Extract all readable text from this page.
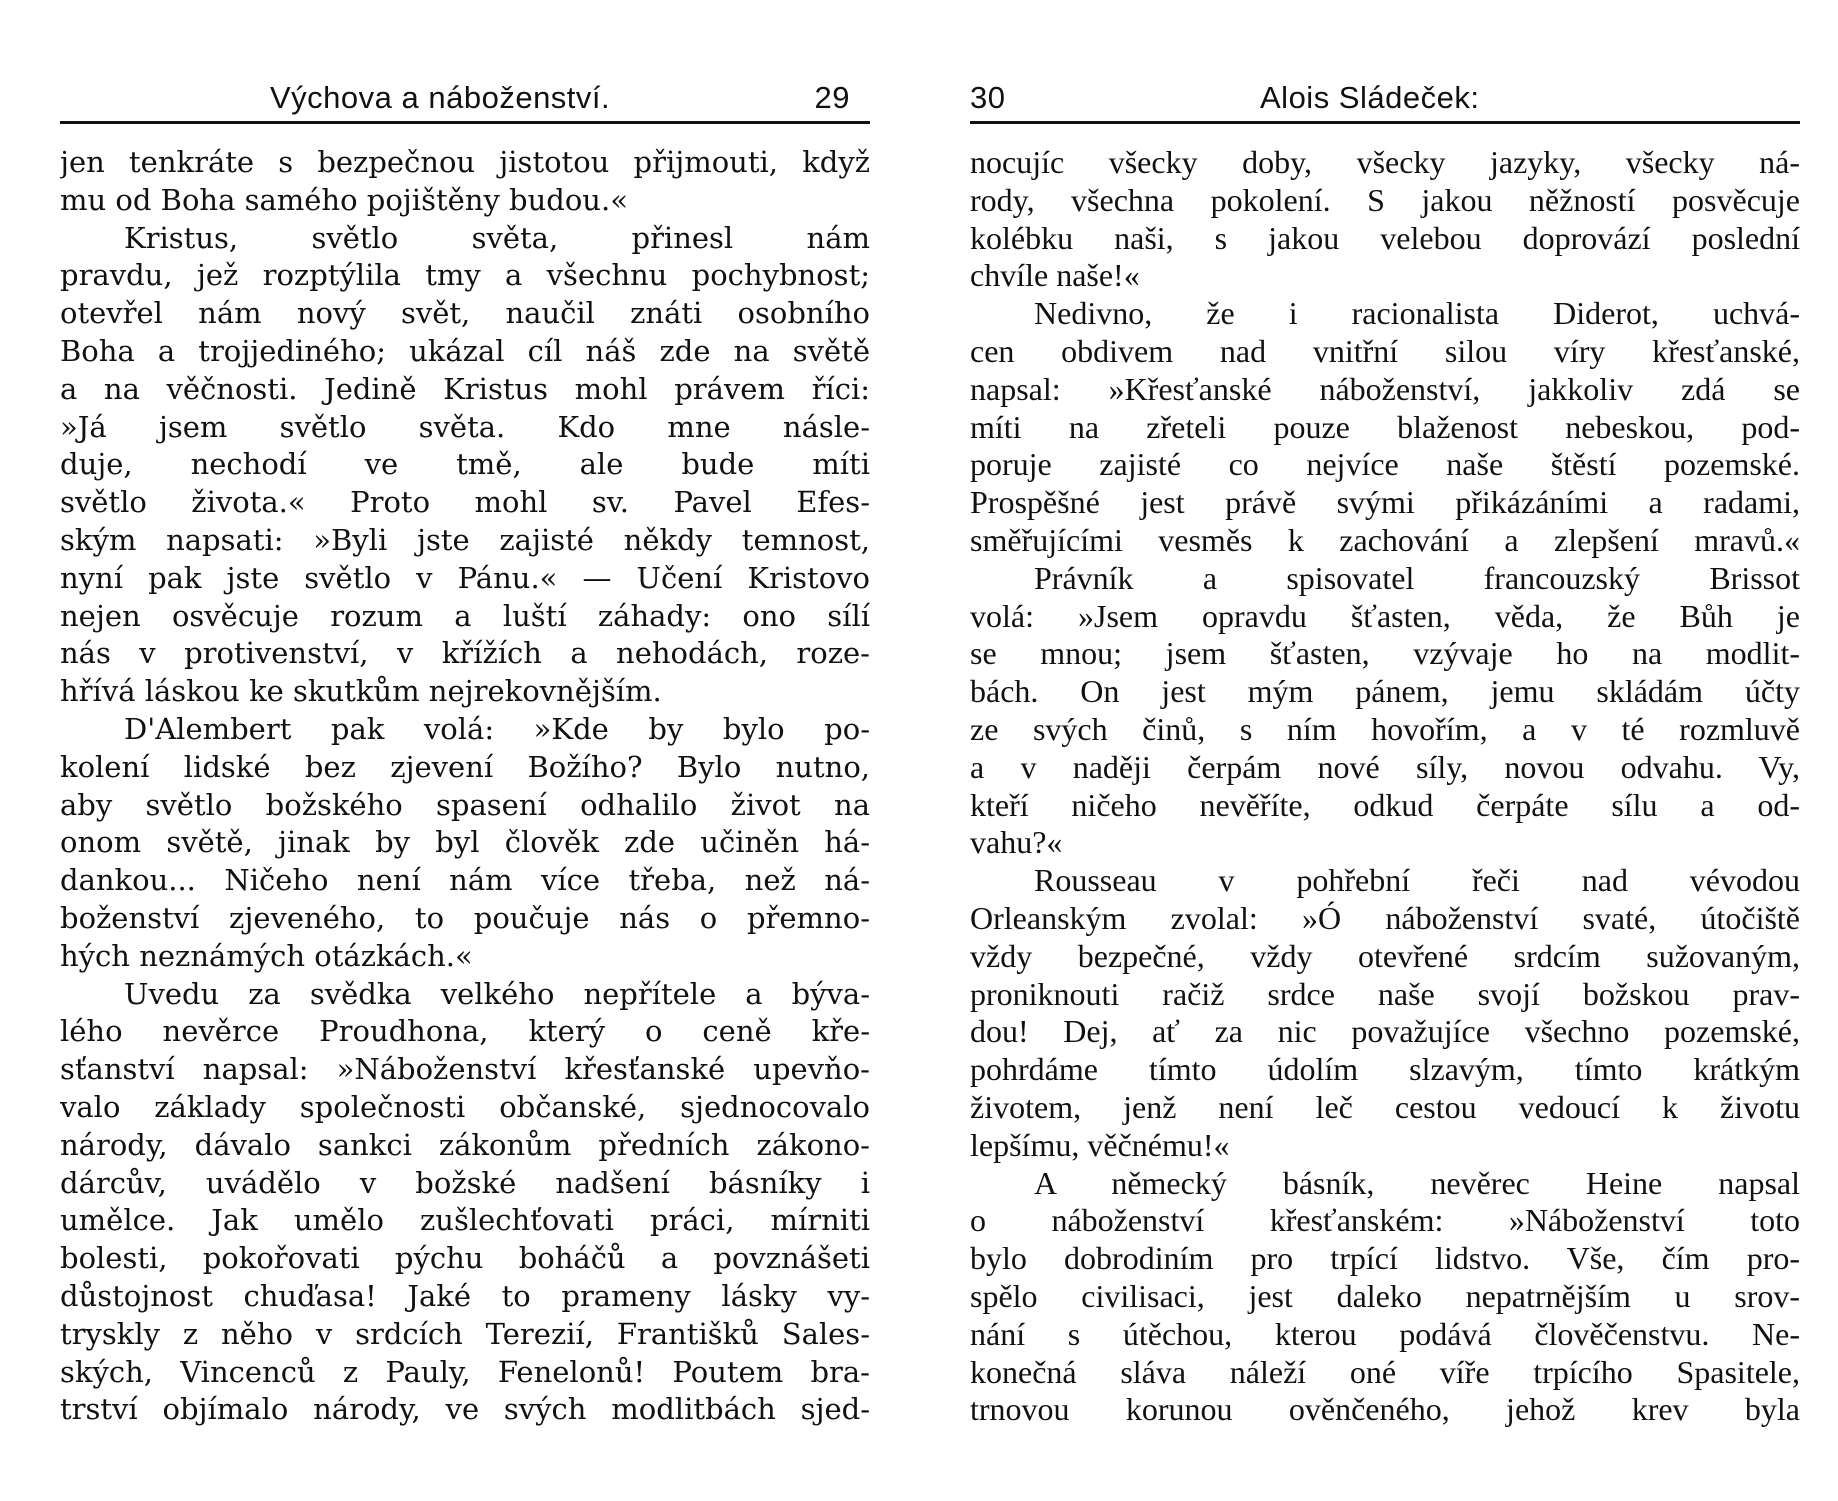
Výchova a náboženství.	29
jen tenkráte s bezpečnou jistotou přijmouti, když
mu od Boha samého pojištěny budou.«
Kristus, světlo světa, přinesl nám
pravdu, jež rozptýlila tmy a všechnu pochybnost;
otevřel nám nový svět, naučil znáti osobního
Boha a trojjediného; ukázal cíl náš zde na světě
a na věčnosti. Jedině Kristus mohl právem říci:
»Já jsem světlo světa. Kdo mne násle-
duje, nechodí ve tmě, ale bude míti
světlo života.« Proto mohl sv. Pavel Efes-
ským napsati: »Byli jste zajisté někdy temnost,
nyní pak jste světlo v Pánu.« — Učení Kristovo
nejen osvěcuje rozum a luští záhady: ono sílí
nás v protivenství, v křížích a nehodách, roze-
hřívá láskou ke skutkům nejrekovnějším.
D'Alembert pak volá: »Kde by bylo po-
kolení lidské bez zjevení Božího? Bylo nutno,
aby světlo božského spasení odhalilo život na
onom světě, jinak by byl člověk zde učiněn há-
dankou... Ničeho není nám více třeba, než ná-
boženství zjeveného, to poučuje nás o přemno-
hých neznámých otázkách.«
Uvedu za svědka velkého nepřítele a býva-
lého nevěrce Proudhona, který o ceně kře-
sťanství napsal: »Náboženství křesťanské upevňo-
valo základy společnosti občanské, sjednocovalo
národy, dávalo sankci zákonům předních zákono-
dárcův, uvádělo v božské nadšení básníky i
umělce. Jak umělo zušlechťovati práci, mírniti
bolesti, pokořovati pýchu boháčů a povznášeti
důstojnost chuďasa! Jaké to prameny lásky vy-
tryskly z něho v srdcích Terezií, Františků Sales-
ských, Vincenců z Pauly, Fenelonů! Poutem bra-
trství objímalo národy, ve svých modlitbách sjed-
30	Alois Sládeček:
nocujíc všecky doby, všecky jazyky, všecky ná-
rody, všechna pokolení. S jakou něžností posvěcuje
kolébku naši, s jakou velebou doprovází poslední
chvíle naše!«
Nedivno, že i racionalista Diderot, uchvá-
cen obdivem nad vnitřní silou víry křesťanské,
napsal: »Křesťanské náboženství, jakkoliv zdá se
míti na zřeteli pouze blaženost nebeskou, pod-
poruje zajisté co nejvíce naše štěstí pozemské.
Prospěšné jest právě svými přikázáními a radami,
směřujícími vesměs k zachování a zlepšení mravů.«
Právník a spisovatel francouzský Brissot
volá: »Jsem opravdu šťasten, věda, že Bůh je
se mnou; jsem šťasten, vzývaje ho na modlit-
bách. On jest mým pánem, jemu skládám účty
ze svých činů, s ním hovořím, a v té rozmluvě
a v naději čerpám nové síly, novou odvahu. Vy,
kteří ničeho nevěříte, odkud čerpáte sílu a od-
vahu?«
Rousseau v pohřební řeči nad vévodou
Orleanským zvolal: »Ó náboženství svaté, útočiště
vždy bezpečné, vždy otevřené srdcím sužovaným,
proniknouti račiž srdce naše svojí božskou prav-
dou! Dej, ať za nic považujíce všechno pozemské,
pohrdáme tímto údolím slzavým, tímto krátkým
životem, jenž není leč cestou vedoucí k životu
lepšímu, věčnému!«
A německý básník, nevěrec Heine napsal
o náboženství křesťanském: »Náboženství toto
bylo dobrodiním pro trpící lidstvo. Vše, čím pro-
spělo civilisaci, jest daleko nepatrnějším u srov-
nání s útěchou, kterou podává člověčenstvu. Ne-
konečná sláva náleží oné víře trpícího Spasitele,
trnovou korunou ověnčeného, jehož krev byla
